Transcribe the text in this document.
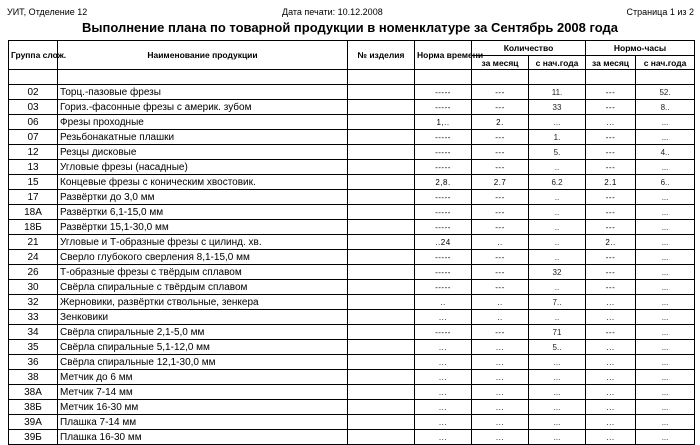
УИТ, Отделение 12	Дата печати: 10.12.2008	Страница 1 из 2
Выполнение плана по товарной продукции в номенклатуре за Сентябрь 2008 года
Группа слож.	Наименование продукции	№ изделия	Норма времени	Количество		Нормо-часы	
				за месяц	с нач.года	за месяц	с нач.года

02	Торц.-пазовые фрезы		-----	---	11.	---	52.
03	Гориз.-фасонные фрезы с америк. зубом		-----	---	33	---	8..
06	Фрезы проходные		1,..	2.	...	...	...
07	Резьбонакатные плашки		-----	---	1.	---	...
12	Резцы дисковые		-----	---	5.	---	4..
13	Угловые фрезы (насадные)		-----	---	..	---	...
15	Концевые фрезы с коническим хвостовик.		2,8.	2.7	6.2	2.1	6..
17	Развёртки до 3,0 мм		-----	---	..	---	...
18А	Развёртки 6,1-15,0 мм		-----	---	..	---	...
18Б	Развёртки 15,1-30,0 мм		-----	---	..	---	...
21	Угловые и Т-образные фрезы с цилинд. хв.		..24	..	..	2..	...
24	Сверло глубокого сверления 8,1-15,0 мм		-----	---	..	---	...
26	Т-образные фрезы с твёрдым сплавом		-----	---	32	---	...
30	Свёрла спиральные с твёрдым сплавом		-----	---	..	---	...
32	Жерновики, развёртки ствольные, зенкера		..	..	7..	...	...
33	Зенковики		...	..	..	...	...
34	Свёрла спиральные 2,1-5,0 мм		-----	---	71	---	...
35	Свёрла спиральные 5,1-12,0 мм		...	...	5..	...	...
36	Свёрла спиральные 12,1-30,0 мм		...	...	...	...	...
38	Метчик до 6 мм		...	...	...	...	...
38А	Метчик 7-14 мм		...	...	...	...	...
38Б	Метчик 16-30 мм		...	...	...	...	...
39А	Плашка 7-14 мм		...	...	...	...	...
39Б	Плашка 16-30 мм		...	...	...	...	...
